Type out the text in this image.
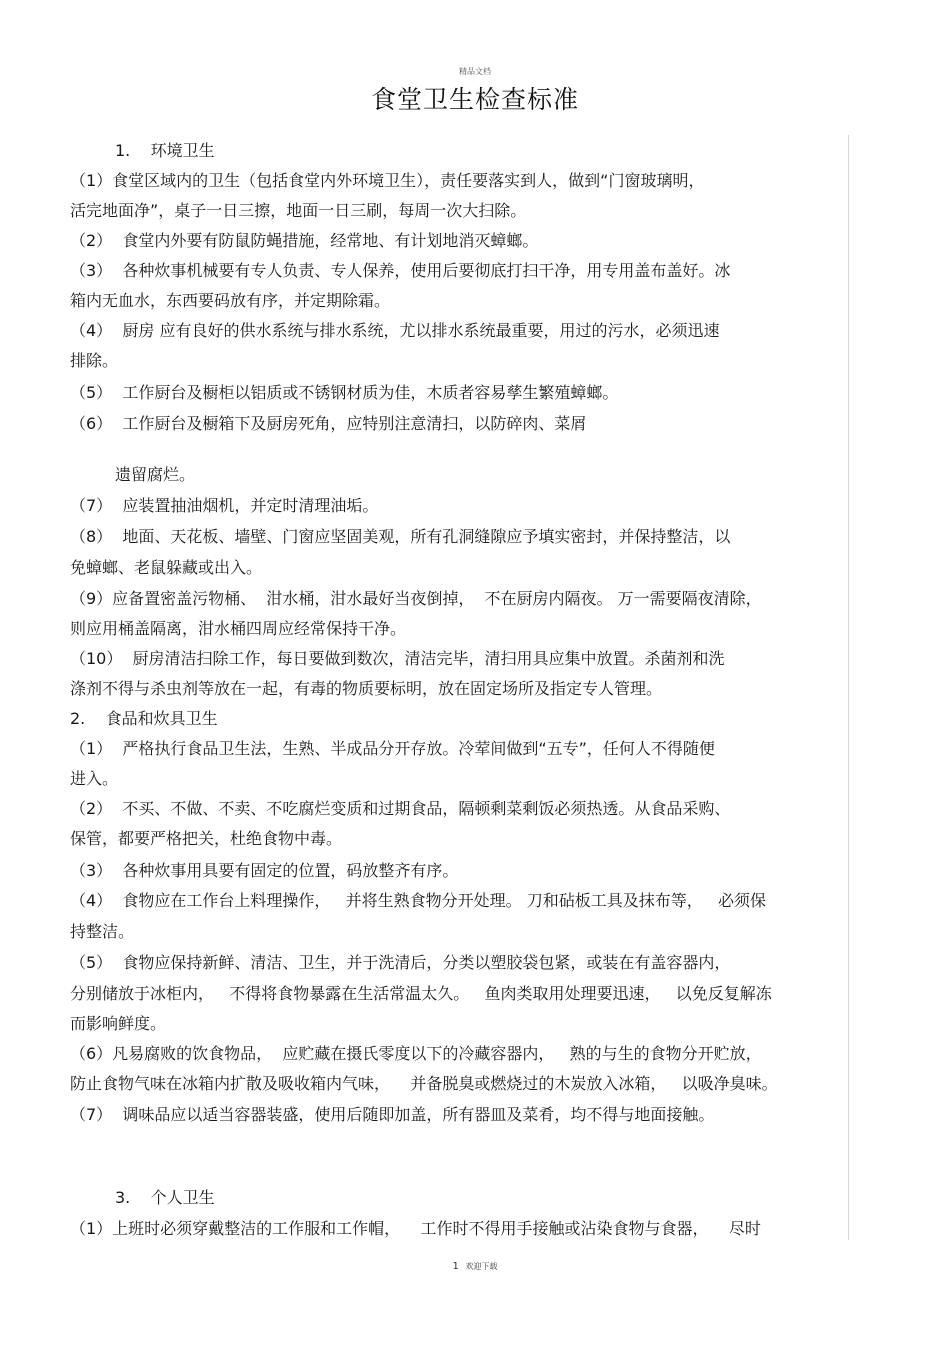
精品文档
食堂卫生检查标准
1.    环境卫生
（1）食堂区域内的卫生（包括食堂内外环境卫生），责任要落实到人，做到“门窗玻璃明，
活完地面净”，桌子一日三擦，地面一日三刷，每周一次大扫除。
（2）  食堂内外要有防鼠防蝇措施，经常地、有计划地消灭蟑螂。
（3）  各种炊事机械要有专人负责、专人保养，使用后要彻底打扫干净，用专用盖布盖好。冰
箱内无血水，东西要码放有序，并定期除霜。
（4）  厨房 应有良好的供水系统与排水系统，尤以排水系统最重要，用过的污水，必须迅速
排除。
（5）  工作厨台及橱柜以铝质或不锈钢材质为佳，木质者容易孳生繁殖蟑螂。
（6）  工作厨台及橱箱下及厨房死角，应特别注意清扫，以防碎肉、菜屑
遗留腐烂。
（7）  应装置抽油烟机，并定时清理油垢。
（8）  地面、天花板、墙壁、门窗应坚固美观，所有孔洞缝隙应予填实密封，并保持整洁，以
免蟑螂、老鼠躲藏或出入。
（9）应备置密盖污物桶、  泔水桶，泔水最好当夜倒掉，  不在厨房内隔夜。 万一需要隔夜清除，
则应用桶盖隔离，泔水桶四周应经常保持干净。
（10）  厨房清洁扫除工作，每日要做到数次，清洁完毕，清扫用具应集中放置。杀菌剂和洗
涤剂不得与杀虫剂等放在一起，有毒的物质要标明，放在固定场所及指定专人管理。
2.    食品和炊具卫生
（1）  严格执行食品卫生法，生熟、半成品分开存放。冷荤间做到“五专”，任何人不得随便
进入。
（2）  不买、不做、不卖、不吃腐烂变质和过期食品，隔顿剩菜剩饭必须热透。从食品采购、
保管，都要严格把关，杜绝食物中毒。
（3）  各种炊事用具要有固定的位置，码放整齐有序。
（4）  食物应在工作台上料理操作，   并将生熟食物分开处理。 刀和砧板工具及抹布等，   必须保
持整洁。
（5）  食物应保持新鲜、清洁、卫生，并于洗清后，分类以塑胶袋包紧，或装在有盖容器内，
分别储放于冰柜内，   不得将食物暴露在生活常温太久。   鱼肉类取用处理要迅速，   以免反复解冻
而影响鲜度。
（6）凡易腐败的饮食物品，  应贮藏在摄氏零度以下的冷藏容器内，   熟的与生的食物分开贮放，
防止食物气味在冰箱内扩散及吸收箱内气味，    并备脱臭或燃烧过的木炭放入冰箱，   以吸净臭味。
（7）  调味品应以适当容器装盛，使用后随即加盖，所有器皿及菜肴，均不得与地面接触。
3.    个人卫生
（1）上班时必须穿戴整洁的工作服和工作帽，    工作时不得用手接触或沾染食物与食器，    尽时
1 欢迎下载
